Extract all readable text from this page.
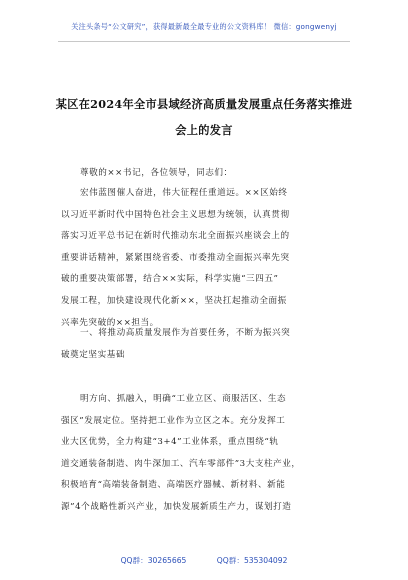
关注头条号“公文研究”，获得最新最全最专业的公文资料库！ 微信：gongwenyj
某区在2024年全市县域经济高质量发展重点任务落实推进
会上的发言
尊敬的××书记，各位领导，同志们：
宏伟蓝图催人奋进，伟大征程任重道远。××区始终
以习近平新时代中国特色社会主义思想为统领，认真贯彻
落实习近平总书记在新时代推动东北全面振兴座谈会上的
重要讲话精神，紧紧围绕省委、市委推动全面振兴率先突
破的重要决策部署，结合××实际，科学实施“三四五”
发展工程，加快建设现代化新××，坚决扛起推动全面振
兴率先突破的××担当。
一、将推动高质量发展作为首要任务，不断为振兴突
破奠定坚实基础
明方向、抓融入，明确“工业立区、商服活区、生态
强区”发展定位。坚持把工业作为立区之本。充分发挥工
业大区优势，全力构建“3+4”工业体系，重点围绕“轨
道交通装备制造、肉牛深加工、汽车零部件”3大支柱产业，
积极培育“高端装备制造、高端医疗器械、新材料、新能
源”4个战略性新兴产业，加快发展新质生产力，谋划打造
QQ群：30265665	QQ群：535304092
